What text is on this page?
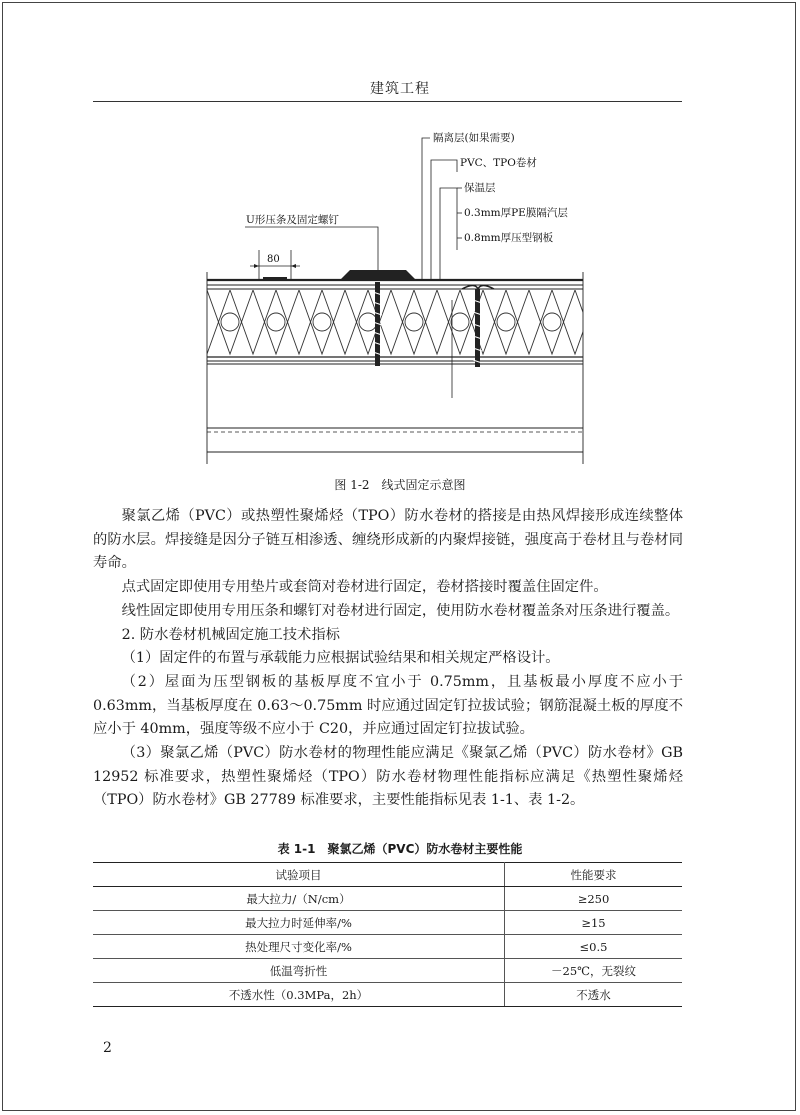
建筑工程
80
隔离层(如果需要)
PVC、TPO卷材
保温层
0.3mm厚PE膜隔汽层
0.8mm厚压型钢板
U形压条及固定螺钉
图 1-2　线式固定示意图

聚氯乙烯（PVC）或热塑性聚烯烃（TPO）防水卷材的搭接是由热风焊接形成连续整体的防水层。焊接缝是因分子链互相渗透、缠绕形成新的内聚焊接链，强度高于卷材且与卷材同寿命。

点式固定即使用专用垫片或套筒对卷材进行固定，卷材搭接时覆盖住固定件。

线性固定即使用专用压条和螺钉对卷材进行固定，使用防水卷材覆盖条对压条进行覆盖。

2. 防水卷材机械固定施工技术指标

（1）固定件的布置与承载能力应根据试验结果和相关规定严格设计。

（2）屋面为压型钢板的基板厚度不宜小于 0.75mm，且基板最小厚度不应小于 0.63mm，当基板厚度在 0.63～0.75mm 时应通过固定钉拉拔试验；钢筋混凝土板的厚度不应小于 40mm，强度等级不应小于 C20，并应通过固定钉拉拔试验。

（3）聚氯乙烯（PVC）防水卷材的物理性能应满足《聚氯乙烯（PVC）防水卷材》GB 12952 标准要求，热塑性聚烯烃（TPO）防水卷材物理性能指标应满足《热塑性聚烯烃（TPO）防水卷材》GB 27789 标准要求，主要性能指标见表 1-1、表 1-2。

表 1-1　聚氯乙烯（PVC）防水卷材主要性能
试验项目	性能要求
最大拉力/（N/cm）	≥250
最大拉力时延伸率/%	≥15
热处理尺寸变化率/%	≤0.5
低温弯折性	－25℃，无裂纹
不透水性（0.3MPa，2h）	不透水
2
